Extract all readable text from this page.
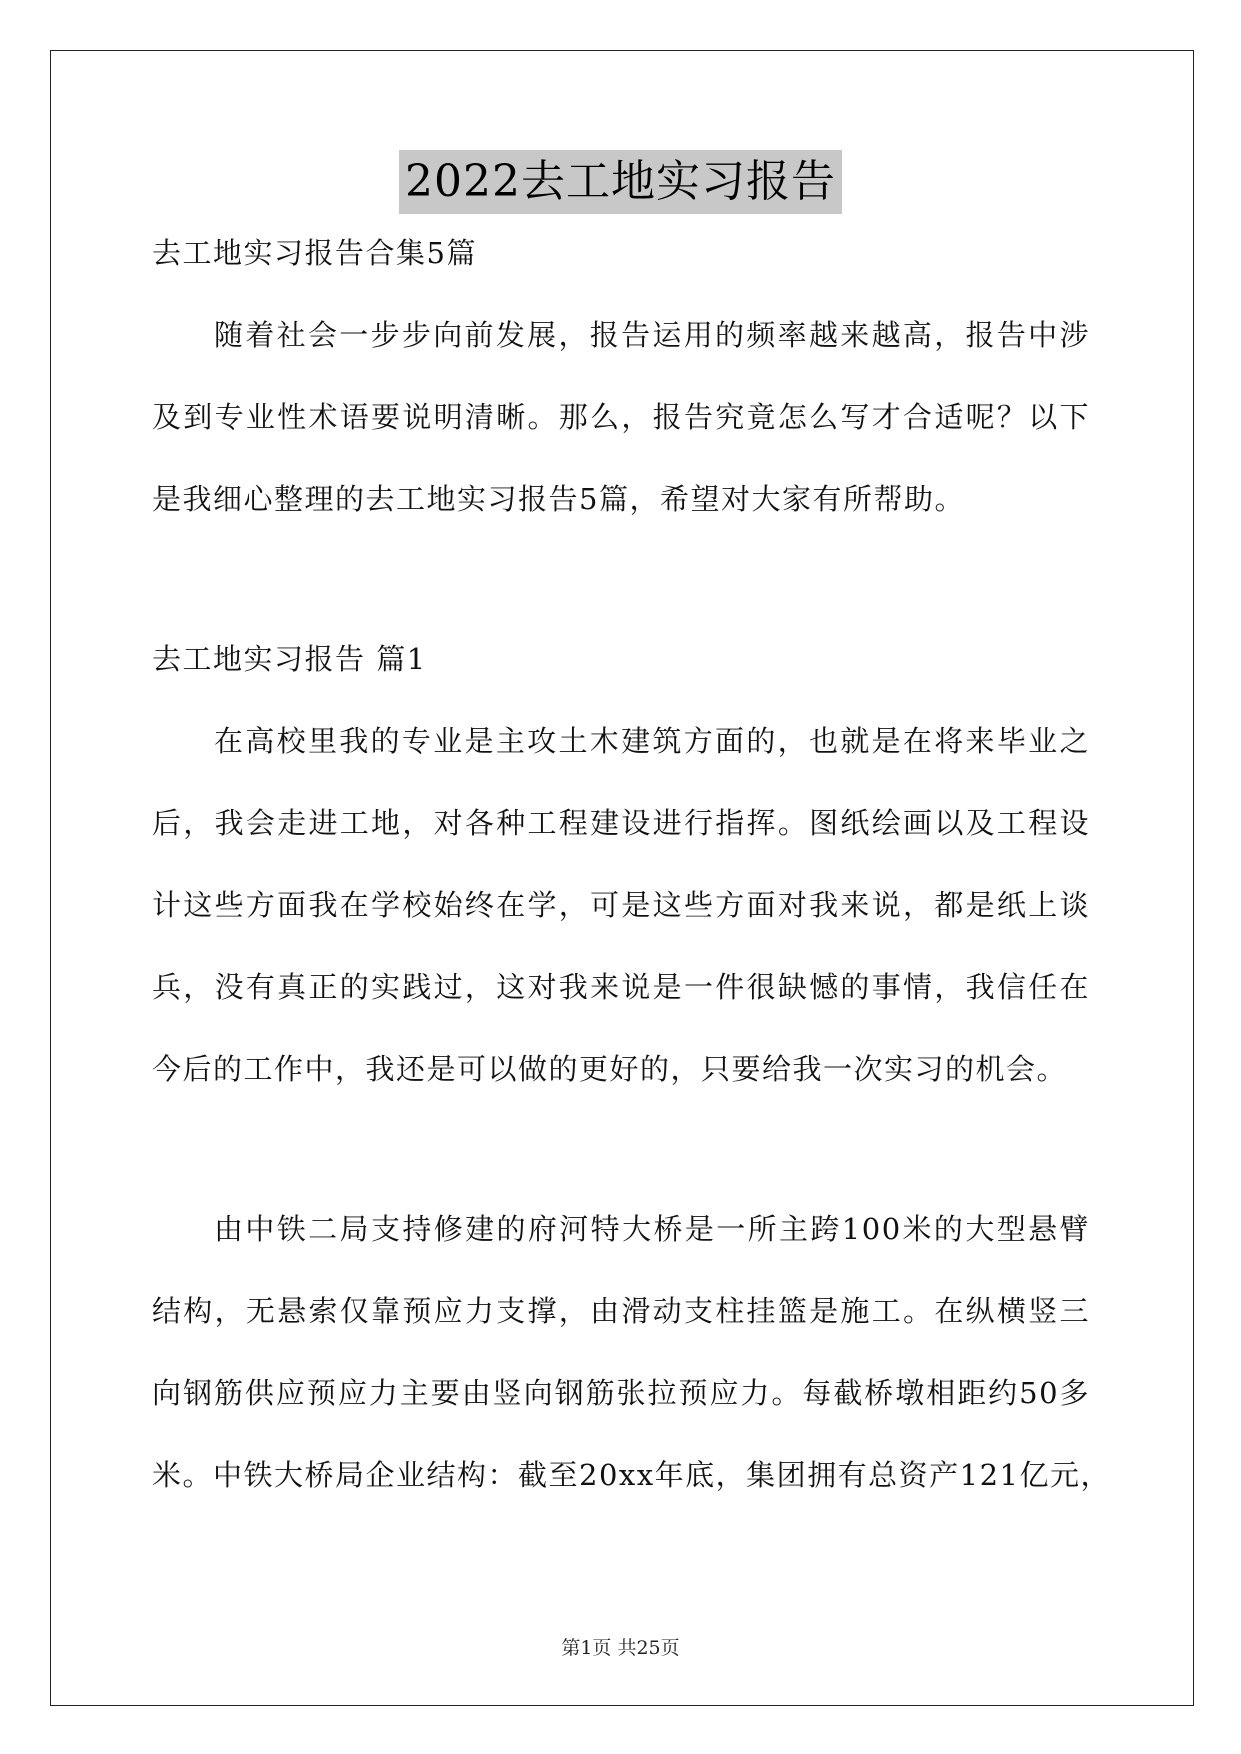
2022去工地实习报告
去工地实习报告合集5篇
随着社会一步步向前发展，报告运用的频率越来越高，报告中涉
及到专业性术语要说明清晰。那么，报告究竟怎么写才合适呢？以下
是我细心整理的去工地实习报告5篇，希望对大家有所帮助。
去工地实习报告 篇1
在高校里我的专业是主攻土木建筑方面的，也就是在将来毕业之
后，我会走进工地，对各种工程建设进行指挥。图纸绘画以及工程设
计这些方面我在学校始终在学，可是这些方面对我来说，都是纸上谈
兵，没有真正的实践过，这对我来说是一件很缺憾的事情，我信任在
今后的工作中，我还是可以做的更好的，只要给我一次实习的机会。
由中铁二局支持修建的府河特大桥是一所主跨100米的大型悬臂
结构，无悬索仅靠预应力支撑，由滑动支柱挂篮是施工。在纵横竖三
向钢筋供应预应力主要由竖向钢筋张拉预应力。每截桥墩相距约50多
米。中铁大桥局企业结构：截至20xx年底，集团拥有总资产121亿元，
第1页 共25页
